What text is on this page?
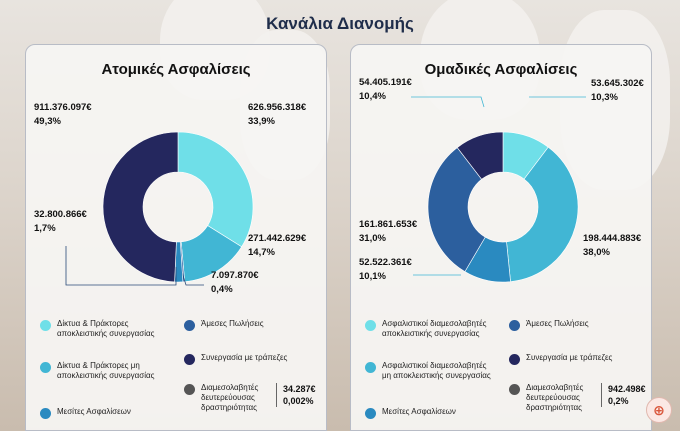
Κανάλια Διανομής
Ατομικές Ασφαλίσεις
626.956.318€
33,9%
271.442.629€
14,7%
7.097.870€
0,4%
32.800.866€
1,7%
911.376.097€
49,3%
Δίκτυα & Πράκτορες αποκλειστικής συνεργασίας
Δίκτυα & Πράκτορες μη αποκλειστικής συνεργασίας
Μεσίτες Ασφαλίσεων
Άμεσες Πωλήσεις
Συνεργασία με τράπεζες
Διαμεσολαβητές δευτερεύουσας δραστηριότητας
34.287€
0,002%
Ομαδικές Ασφαλίσεις
53.645.302€
10,3%
198.444.883€
38,0%
52.522.361€
10,1%
161.861.653€
31,0%
54.405.191€
10,4%
Ασφαλιστικοί διαμεσολαβητές αποκλειστικής συνεργασίας
Ασφαλιστικοί διαμεσολαβητές μη αποκλειστικής συνεργασίας
Μεσίτες Ασφαλίσεων
Άμεσες Πωλήσεις
Συνεργασία με τράπεζες
Διαμεσολαβητές δευτερεύουσας δραστηριότητας
942.498€
0,2%
⊕
